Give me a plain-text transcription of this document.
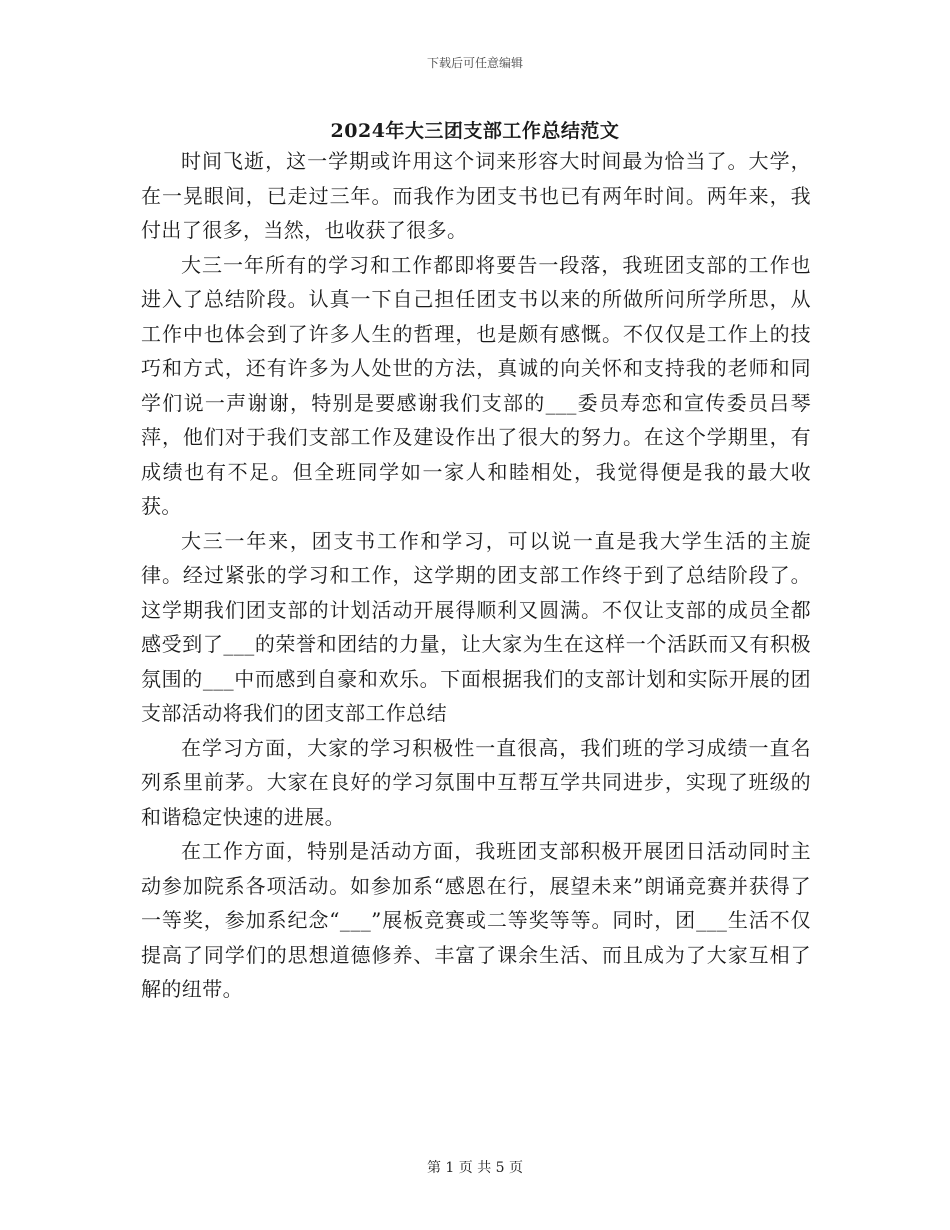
下载后可任意编辑
2024年大三团支部工作总结范文

时间飞逝，这一学期或许用这个词来形容大时间最为恰当了。大学，在一晃眼间，已走过三年。而我作为团支书也已有两年时间。两年来，我付出了很多，当然，也收获了很多。

大三一年所有的学习和工作都即将要告一段落，我班团支部的工作也进入了总结阶段。认真一下自己担任团支书以来的所做所问所学所思，从工作中也体会到了许多人生的哲理，也是颇有感慨。不仅仅是工作上的技巧和方式，还有许多为人处世的方法，真诚的向关怀和支持我的老师和同学们说一声谢谢，特别是要感谢我们支部的___委员寿恋和宣传委员吕琴萍，他们对于我们支部工作及建设作出了很大的努力。在这个学期里，有成绩也有不足。但全班同学如一家人和睦相处，我觉得便是我的最大收获。

大三一年来，团支书工作和学习，可以说一直是我大学生活的主旋律。经过紧张的学习和工作，这学期的团支部工作终于到了总结阶段了。这学期我们团支部的计划活动开展得顺利又圆满。不仅让支部的成员全都感受到了___的荣誉和团结的力量，让大家为生在这样一个活跃而又有积极氛围的___中而感到自豪和欢乐。下面根据我们的支部计划和实际开展的团支部活动将我们的团支部工作总结

在学习方面，大家的学习积极性一直很高，我们班的学习成绩一直名列系里前茅。大家在良好的学习氛围中互帮互学共同进步，实现了班级的和谐稳定快速的进展。

在工作方面，特别是活动方面，我班团支部积极开展团日活动同时主动参加院系各项活动。如参加系“感恩在行，展望未来”朗诵竞赛并获得了一等奖，参加系纪念“___”展板竞赛或二等奖等等。同时，团___生活不仅提高了同学们的思想道德修养、丰富了课余生活、而且成为了大家互相了解的纽带。

第 1 页 共 5 页
